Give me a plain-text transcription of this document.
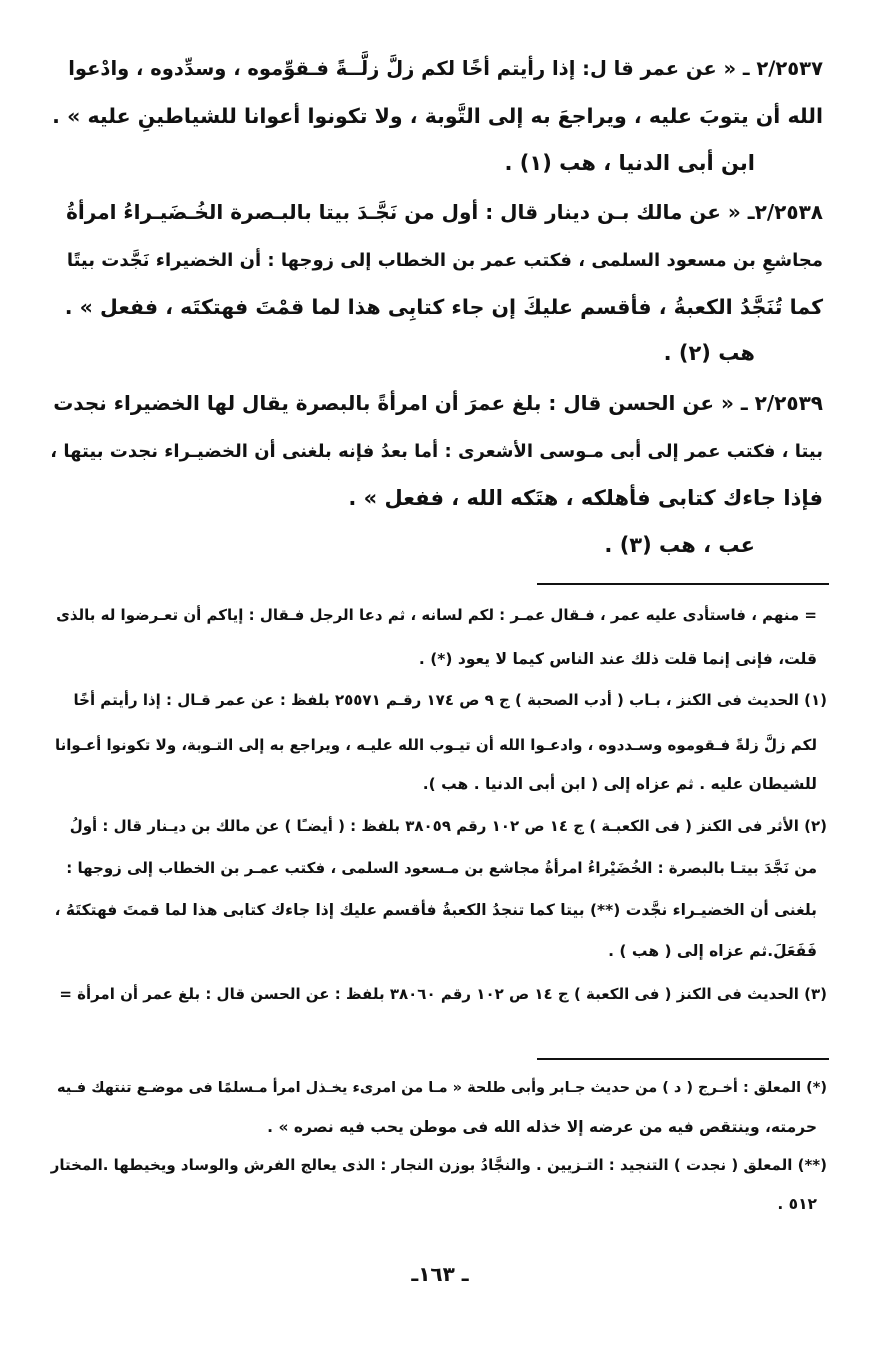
٢/٢٥٣٧ ـ « عن عمر قا ل: إذا رأيتم أخًا لكم زلَّ زلَّــةً فـقوِّموه ، وسدِّدوه ، وادْعوا
الله أن يتوبَ عليه ، ويراجعَ به إلى التَّوبة ، ولا تكونوا أعوانا للشياطينِ عليه » .
ابن أبى الدنيا ، هب (١) .
٢/٢٥٣٨ـ « عن مالك بـن دينار قال : أول من نَجَّـدَ بيتا بالبـصرة الخُـضَيـراءُ امرأةُ
مجاشعِ بن مسعود السلمى ، فكتب عمر بن الخطاب إلى زوجها : أن الخضيراء نَجَّدت بيتًا
كما تُنَجَّدُ الكعبةُ ، فأقسم عليكَ إن جاء كتابِى هذا لما قمْتَ فهتكتَه ، ففعل » .
هب (٢) .
٢/٢٥٣٩ ـ « عن الحسن قال : بلغ عمرَ أن امرأةً بالبصرة يقال لها الخضيراء نجدت
بيتا ، فكتب عمر إلى أبى مـوسى الأشعرى : أما بعدُ فإنه بلغنى أن الخضيـراء نجدت بيتها ،
فإذا جاءك كتابى فأهلكه ، هتَكه الله ، ففعل » .
عب ، هب (٣) .
= منهم ، فاستأدى عليه عمر ، فـقال عمـر : لكم لسانه ، ثم دعا الرجل فـقال : إياكم أن تعـرضوا له بالذى
قلت، فإنى إنما قلت ذلك عند الناس كيما لا يعود (*) .
(١) الحديث فى الكنز ، بـاب ( أدب الصحبة ) ج ٩ ص ١٧٤ رقـم ٢٥٥٧١ بلفظ : عن عمر قـال : إذا رأيتم أخًا
لكم زلَّ زلةً فـقوموه وسـددوه ، وادعـوا الله أن تيـوب الله عليـه ، ويراجع به إلى التـوبة، ولا تكونوا أعـوانا
للشيطان عليه . ثم عزاه إلى ( ابن أبى الدنيا . هب ).
(٢) الأثر فى الكنز ( فى الكعبـة ) ج ١٤ ص ١٠٢ رقم ٣٨٠٥٩ بلفظ : ( أيضـًا ) عن مالك بن ديـنار قال : أولُ
من نَجَّدَ بيتـا بالبصرة : الخُضَيْراءُ امرأةُ مجاشع بن مـسعود السلمى ، فكتب عمـر بن الخطاب إلى زوجها :
بلغنى أن الخضيـراء نجَّدت (**) بيتا كما تنجدُ الكعبةُ فأقسم عليك إذا جاءك كتابى هذا لما قمتَ فهتكتَهُ ،
فَفَعَلَ.ثم عزاه إلى ( هب ) .
(٣) الحديث فى الكنز ( فى الكعبة ) ج ١٤ ص ١٠٢ رقم ٣٨٠٦٠ بلفظ : عن الحسن قال : بلغ عمر أن امرأة =
(*) المعلق : أخـرج ( د ) من حديث جـابر وأبى طلحة « مـا من امرىء يخـذل امرأ مـسلمًا فى موضـع تنتهك فـيه
حرمته، وينتقص فيه من عرضه إلا خذله الله فى موطن يحب فيه نصره » .
(**) المعلق ( نجدت ) التنجيد : التـزيين . والنجَّادُ بوزن النجار : الذى يعالج الفرش والوساد ويخيطها .المختار
٥١٢ .
ـ ١٦٣ـ
